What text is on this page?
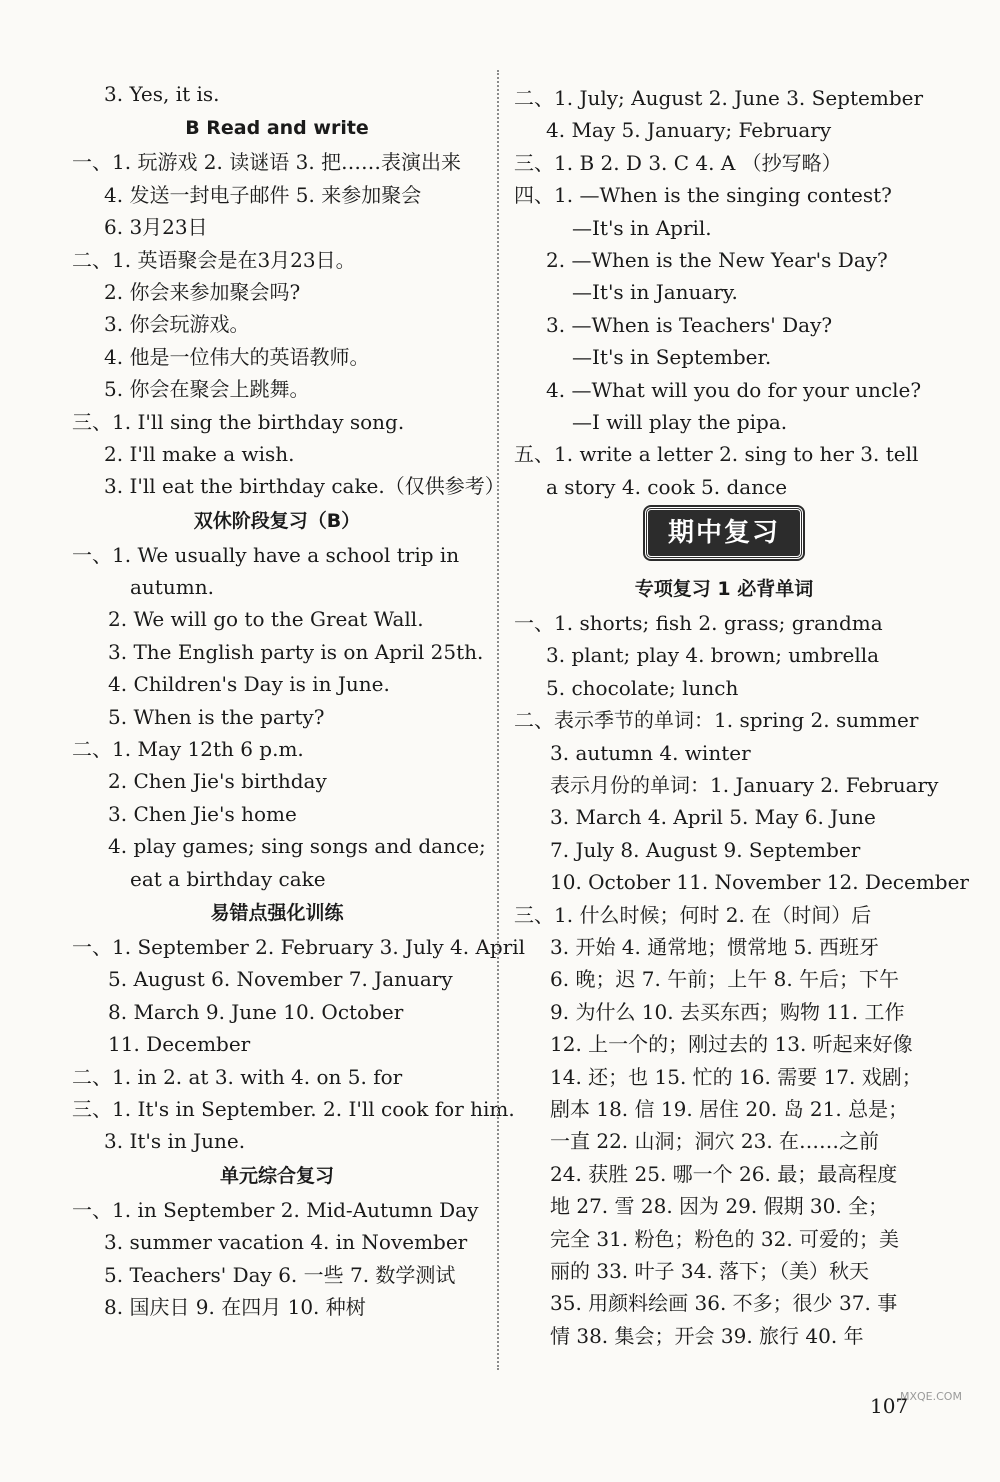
3. Yes, it is.
B Read and write
一、1. 玩游戏 2. 读谜语 3. 把……表演出来
4. 发送一封电子邮件 5. 来参加聚会
6. 3月23日
二、1. 英语聚会是在3月23日。
2. 你会来参加聚会吗?
3. 你会玩游戏。
4. 他是一位伟大的英语教师。
5. 你会在聚会上跳舞。
三、1. I'll sing the birthday song.
2. I'll make a wish.
3. I'll eat the birthday cake.（仅供参考）
双休阶段复习（B）
一、1. We usually have a school trip in
autumn.
2. We will go to the Great Wall.
3. The English party is on April 25th.
4. Children's Day is in June.
5. When is the party?
二、1. May 12th 6 p.m.
2. Chen Jie's birthday
3. Chen Jie's home
4. play games; sing songs and dance;
eat a birthday cake
易错点强化训练
一、1. September 2. February 3. July 4. April
5. August 6. November 7. January
8. March 9. June 10. October
11. December
二、1. in 2. at 3. with 4. on 5. for
三、1. It's in September. 2. I'll cook for him.
3. It's in June.
单元综合复习
一、1. in September 2. Mid-Autumn Day
3. summer vacation 4. in November
5. Teachers' Day 6. 一些 7. 数学测试
8. 国庆日 9. 在四月 10. 种树
二、1. July; August 2. June 3. September
4. May 5. January; February
三、1. B 2. D 3. C 4. A （抄写略）
四、1. —When is the singing contest?
—It's in April.
2. —When is the New Year's Day?
—It's in January.
3. —When is Teachers' Day?
—It's in September.
4. —What will you do for your uncle?
—I will play the pipa.
五、1. write a letter 2. sing to her 3. tell
a story 4. cook 5. dance
期中复习
专项复习 1 必背单词
一、1. shorts; fish 2. grass; grandma
3. plant; play 4. brown; umbrella
5. chocolate; lunch
二、表示季节的单词：1. spring 2. summer
3. autumn 4. winter
表示月份的单词：1. January 2. February
3. March 4. April 5. May 6. June
7. July 8. August 9. September
10. October 11. November 12. December
三、1. 什么时候；何时 2. 在（时间）后
3. 开始 4. 通常地；惯常地 5. 西班牙
6. 晚；迟 7. 午前；上午 8. 午后；下午
9. 为什么 10. 去买东西；购物 11. 工作
12. 上一个的；刚过去的 13. 听起来好像
14. 还；也 15. 忙的 16. 需要 17. 戏剧；
剧本 18. 信 19. 居住 20. 岛 21. 总是；
一直 22. 山洞；洞穴 23. 在……之前
24. 获胜 25. 哪一个 26. 最；最高程度
地 27. 雪 28. 因为 29. 假期 30. 全；
完全 31. 粉色；粉色的 32. 可爱的；美
丽的 33. 叶子 34. 落下；（美）秋天
35. 用颜料绘画 36. 不多；很少 37. 事
情 38. 集会；开会 39. 旅行 40. 年
107
MXQE.COM
